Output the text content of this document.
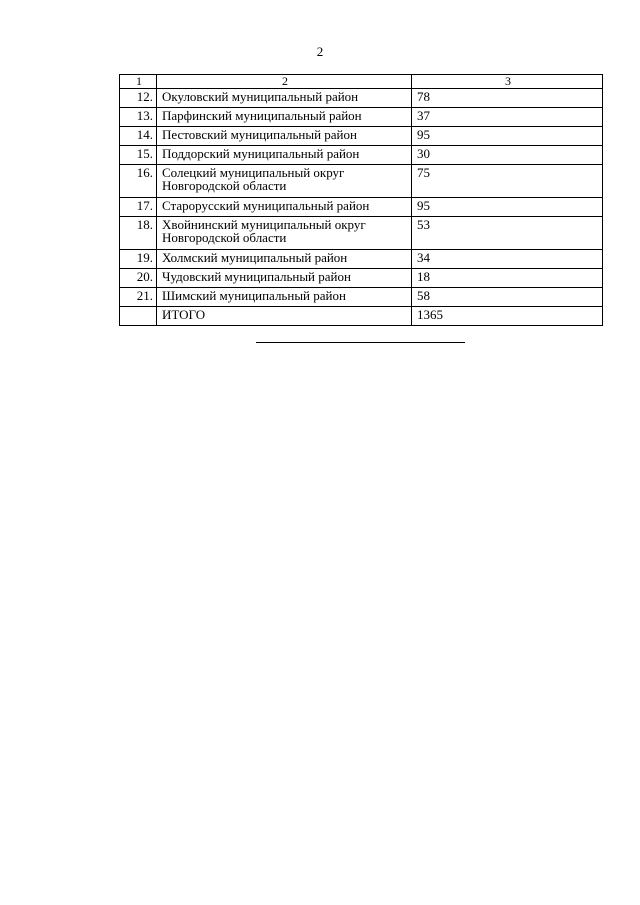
2
1	2	3
12.	Окуловский муниципальный район	78
13.	Парфинский муниципальный район	37
14.	Пестовский муниципальный район	95
15.	Поддорский муниципальный район	30
16.	Солецкий муниципальный округ Новгородской области	75
17.	Старорусский муниципальный район	95
18.	Хвойнинский муниципальный округ Новгородской области	53
19.	Холмский муниципальный район	34
20.	Чудовский муниципальный район	18
21.	Шимский муниципальный район	58
	ИТОГО	1365
